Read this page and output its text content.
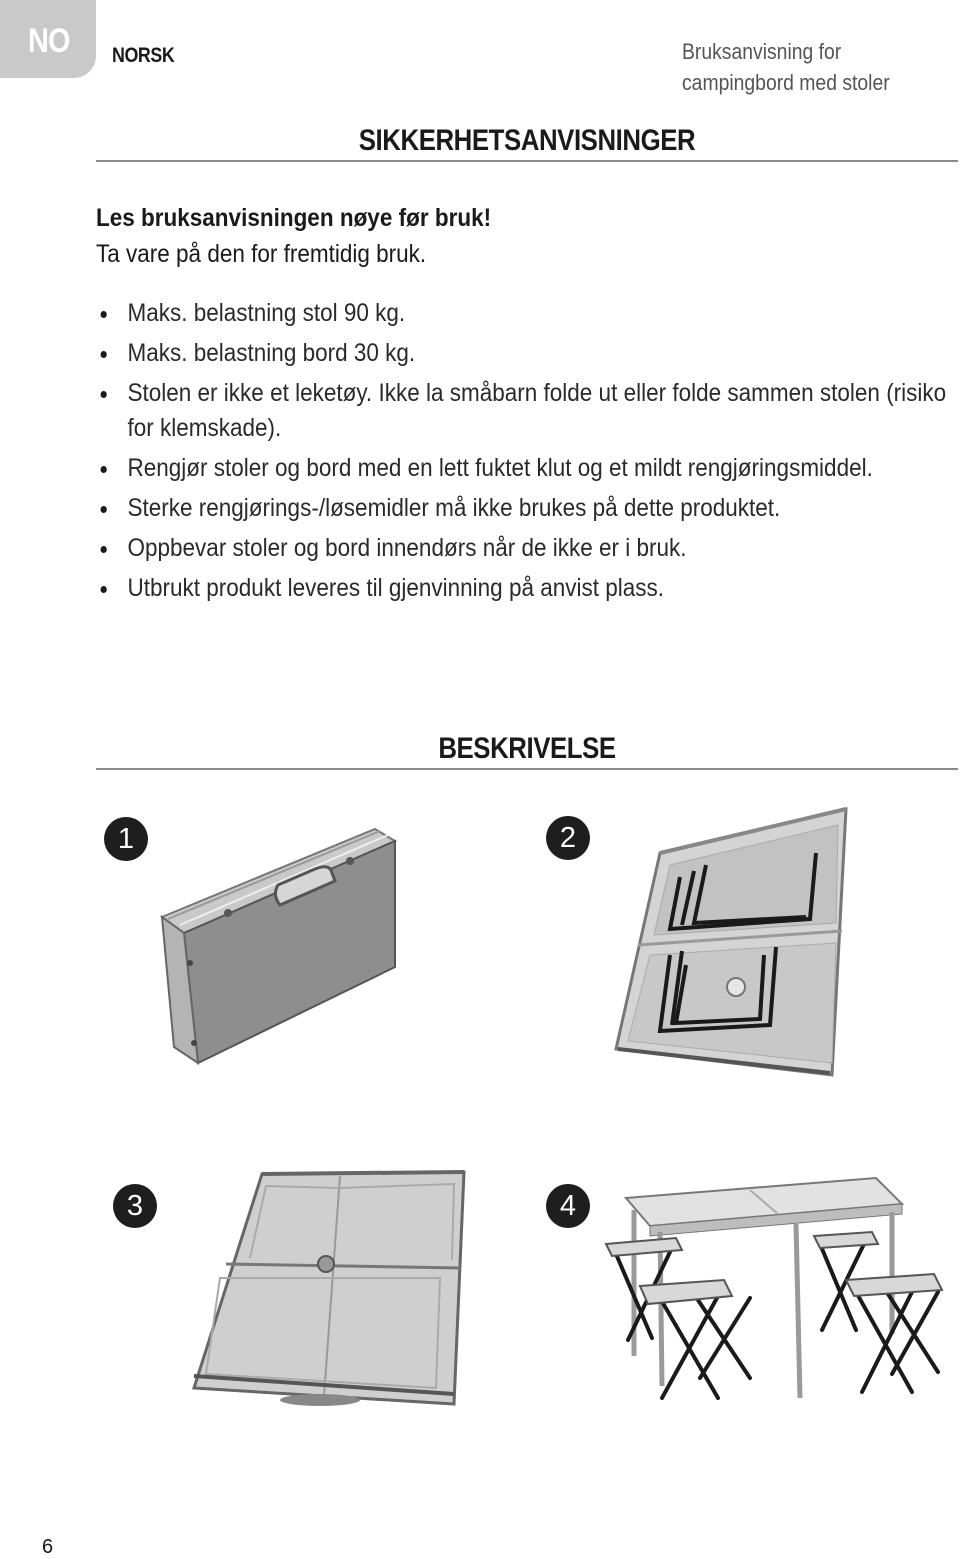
NO NORSK	Bruksanvisning for
campingbord med stoler
SIKKERHETSANVISNINGER
Les bruksanvisningen nøye før bruk!
Ta vare på den for fremtidig bruk.
Maks. belastning stol 90 kg.
Maks. belastning bord 30 kg.
Stolen er ikke et leketøy. Ikke la småbarn folde ut eller folde sammen stolen (risiko for klemskade).
Rengjør stoler og bord med en lett fuktet klut og et mildt rengjøringsmiddel.
Sterke rengjørings-/løsemidler må ikke brukes på dette produktet.
Oppbevar stoler og bord innendørs når de ikke er i bruk.
Utbrukt produkt leveres til gjenvinning på anvist plass.
BESKRIVELSE
1	2
3	4
6
